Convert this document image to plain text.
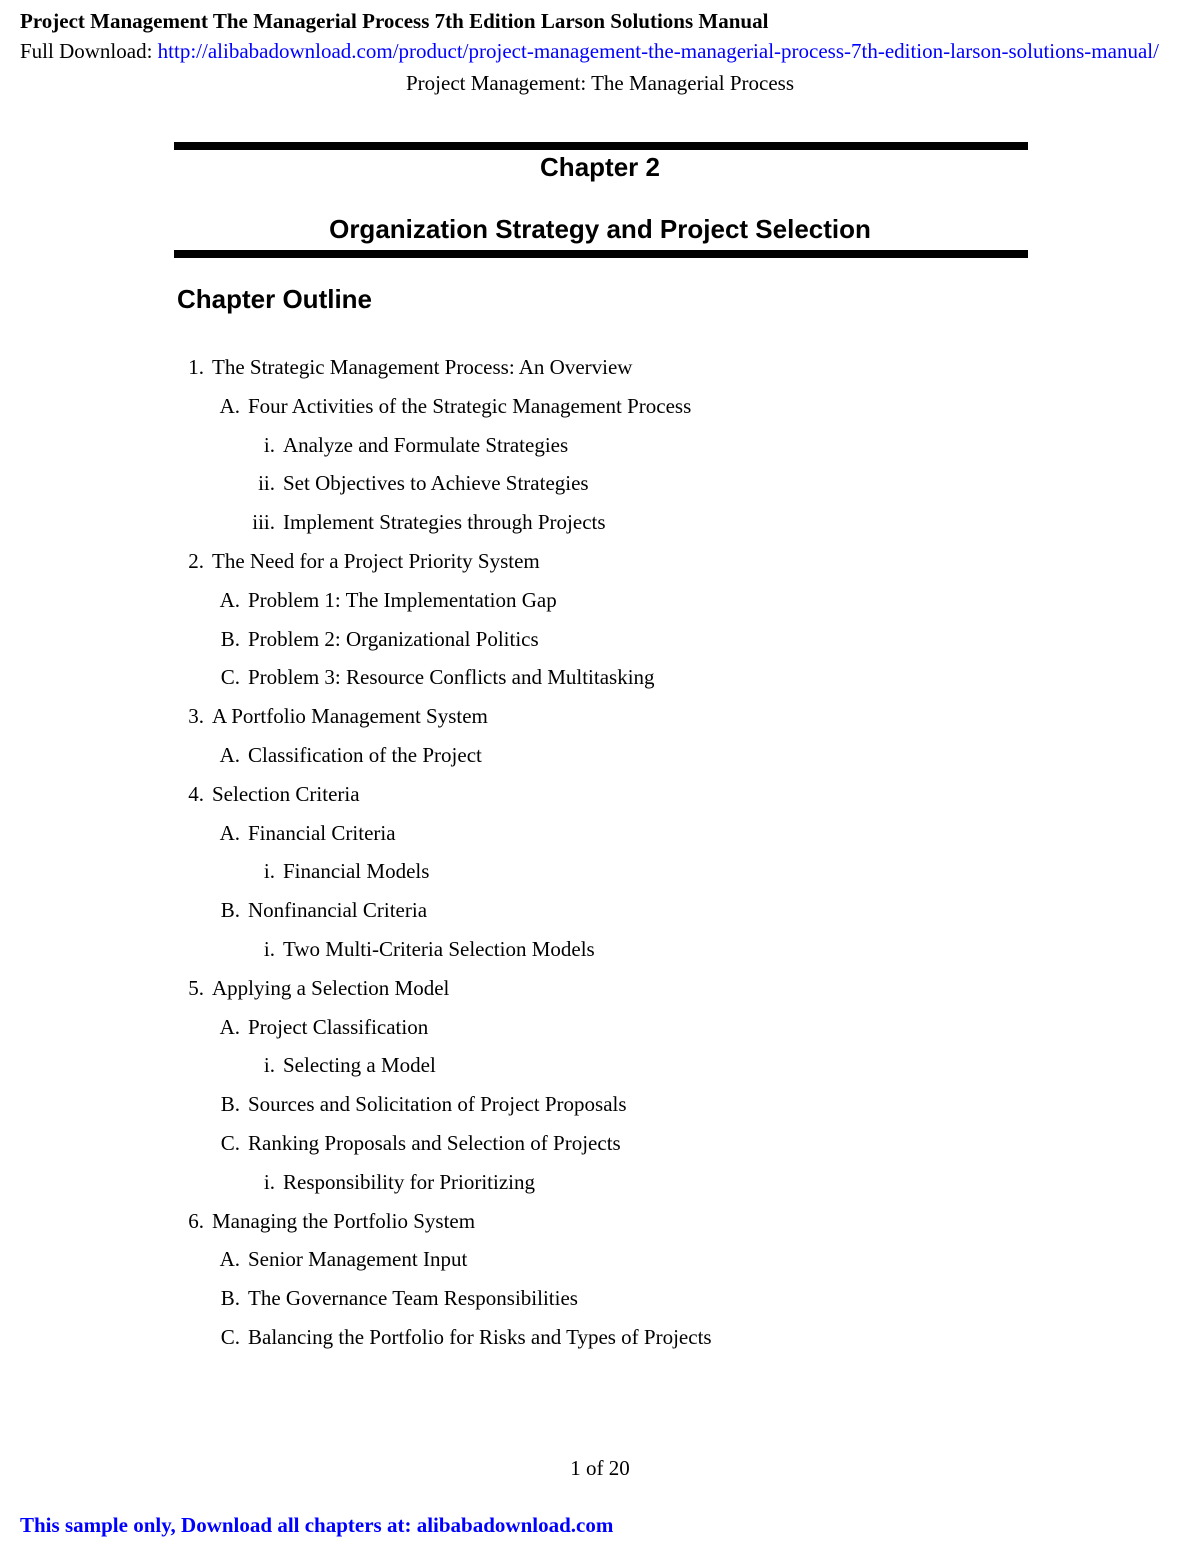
Project Management The Managerial Process 7th Edition Larson Solutions Manual
Full Download: http://alibabadownload.com/product/project-management-the-managerial-process-7th-edition-larson-solutions-manual/
Project Management: The Managerial Process
Chapter 2
Organization Strategy and Project Selection
Chapter Outline
1. The Strategic Management Process: An Overview
A. Four Activities of the Strategic Management Process
i. Analyze and Formulate Strategies
ii. Set Objectives to Achieve Strategies
iii. Implement Strategies through Projects
2. The Need for a Project Priority System
A. Problem 1: The Implementation Gap
B. Problem 2: Organizational Politics
C. Problem 3: Resource Conflicts and Multitasking
3. A Portfolio Management System
A. Classification of the Project
4. Selection Criteria
A. Financial Criteria
i. Financial Models
B. Nonfinancial Criteria
i. Two Multi-Criteria Selection Models
5. Applying a Selection Model
A. Project Classification
i. Selecting a Model
B. Sources and Solicitation of Project Proposals
C. Ranking Proposals and Selection of Projects
i. Responsibility for Prioritizing
6. Managing the Portfolio System
A. Senior Management Input
B. The Governance Team Responsibilities
C. Balancing the Portfolio for Risks and Types of Projects
1 of 20
This sample only, Download all chapters at: alibabadownload.com
